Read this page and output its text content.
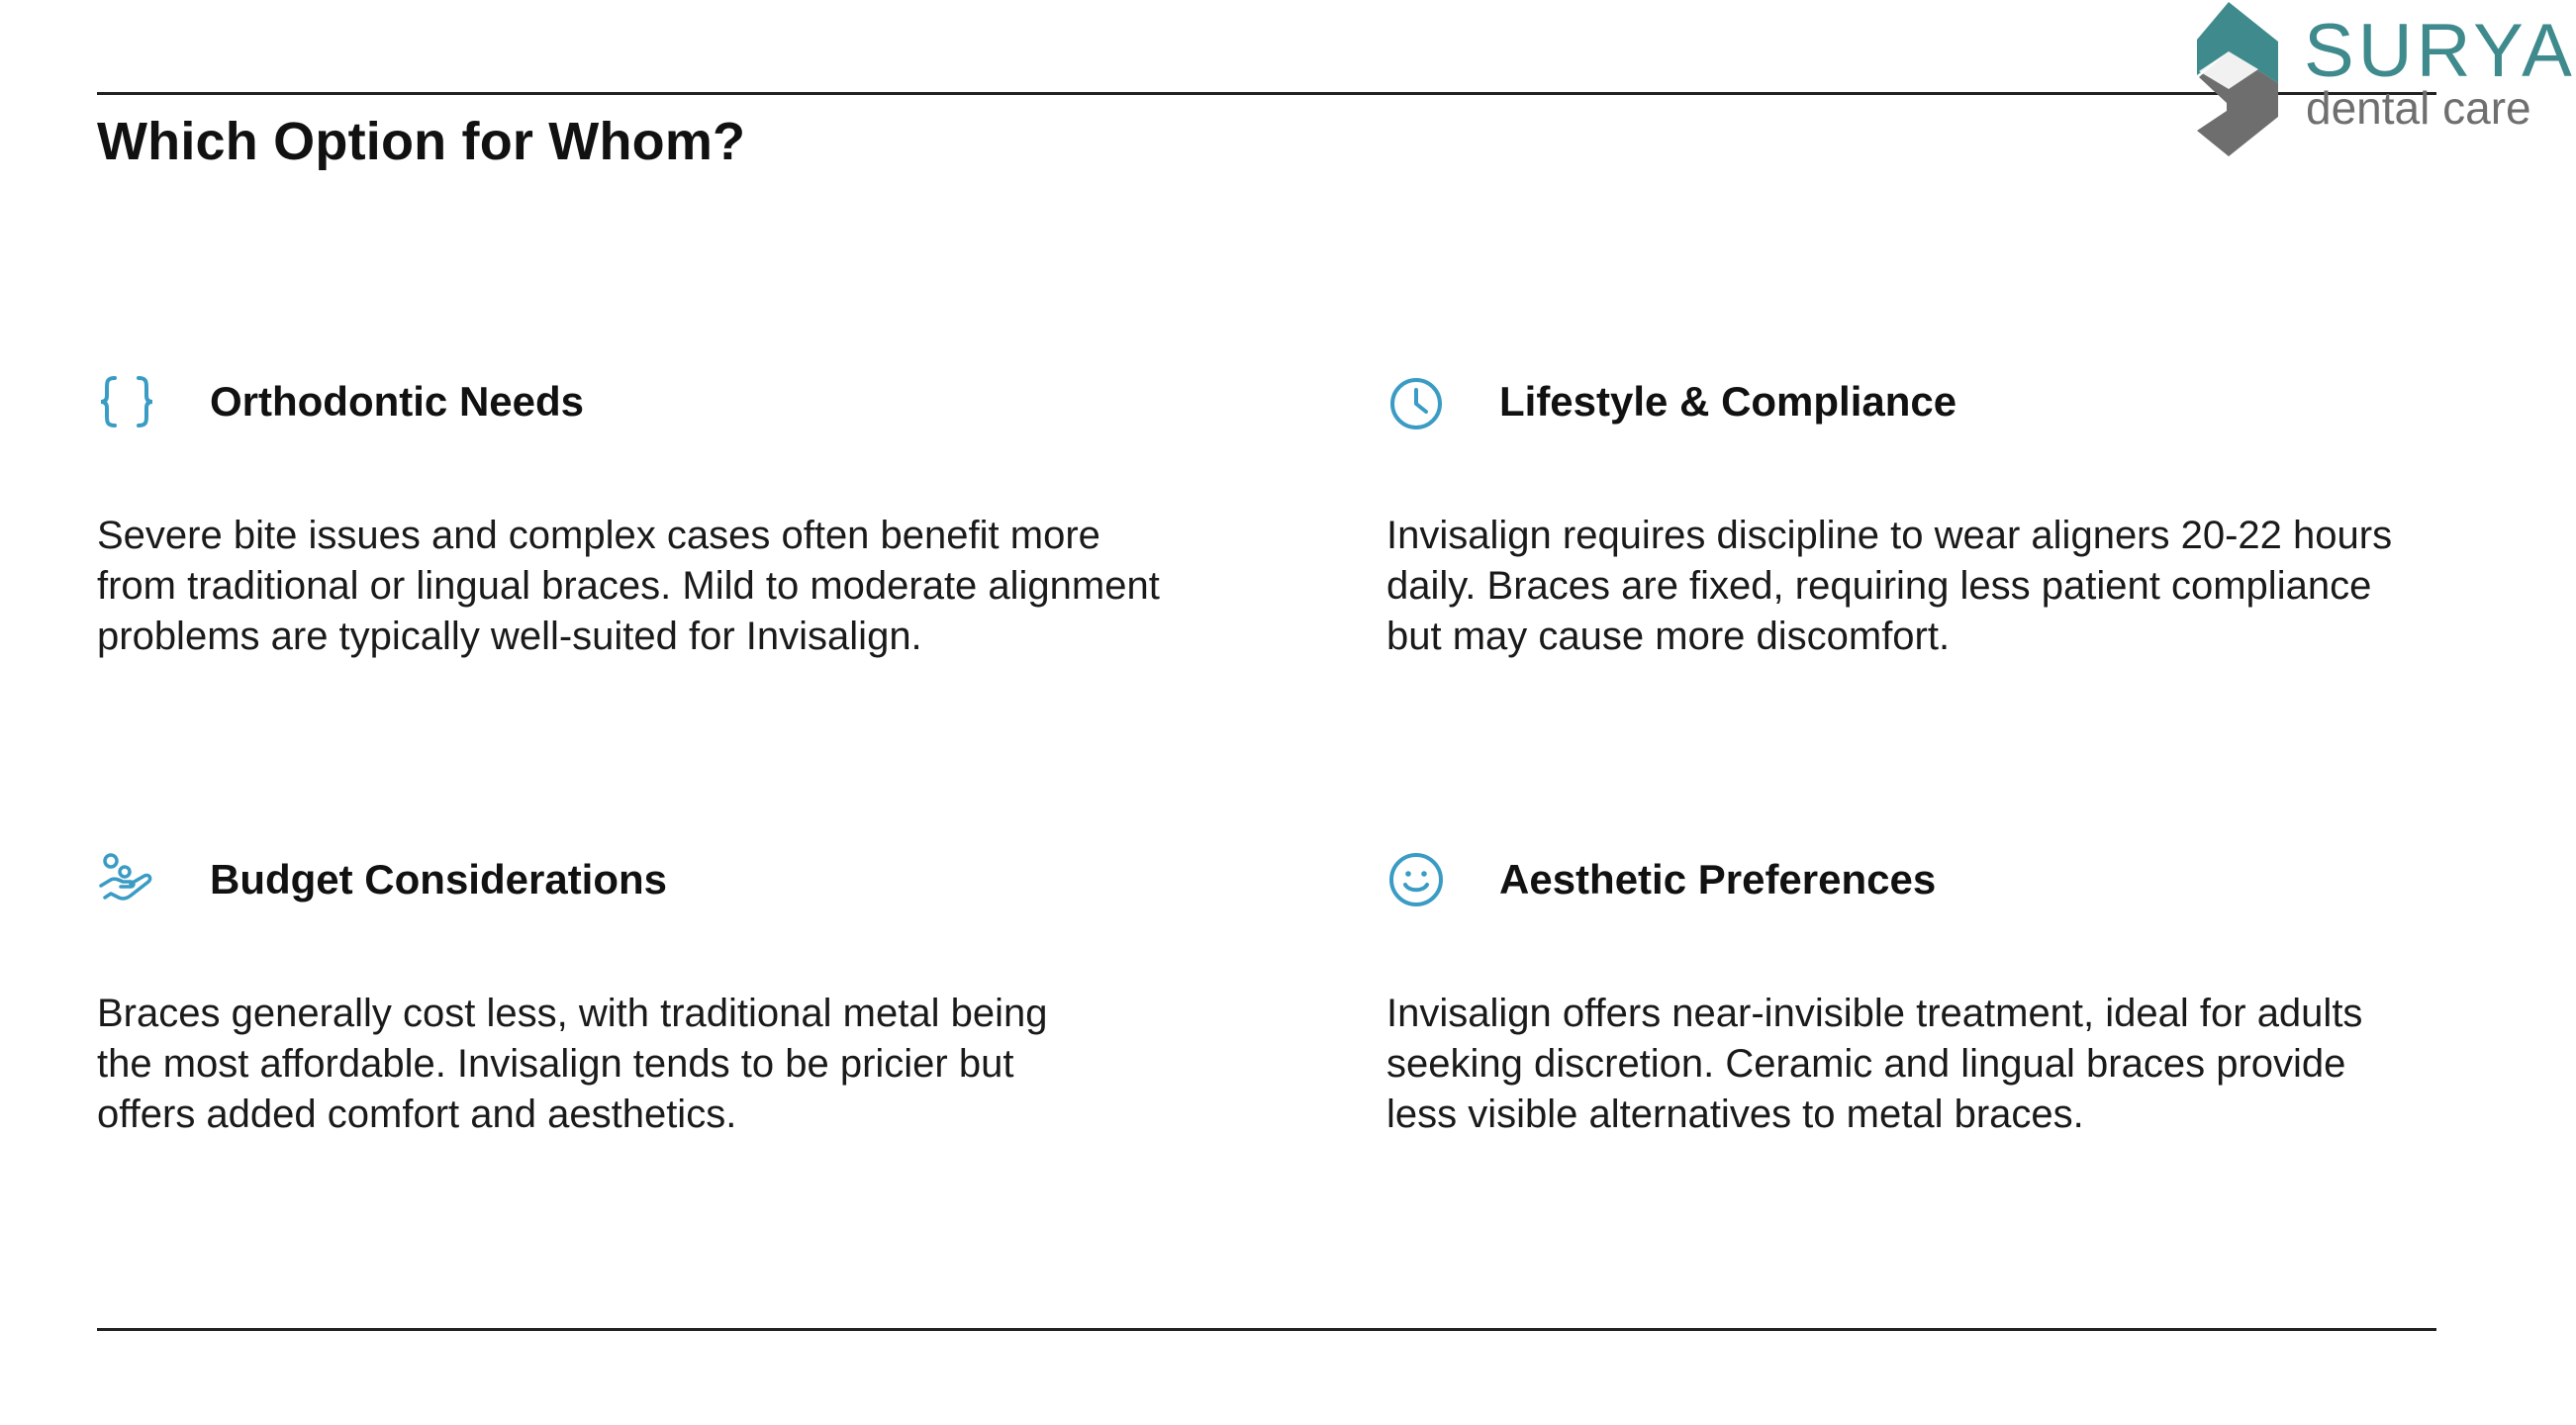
Which Option for Whom?
SURYA
dental care
Orthodontic Needs

Severe bite issues and complex cases often benefit more from traditional or lingual braces. Mild to moderate alignment problems are typically well-suited for Invisalign.

Lifestyle & Compliance

Invisalign requires discipline to wear aligners 20-22 hours daily. Braces are fixed, requiring less patient compliance but may cause more discomfort.

Budget Considerations

Braces generally cost less, with traditional metal being the most affordable. Invisalign tends to be pricier but offers added comfort and aesthetics.

Aesthetic Preferences

Invisalign offers near-invisible treatment, ideal for adults seeking discretion. Ceramic and lingual braces provide less visible alternatives to metal braces.
